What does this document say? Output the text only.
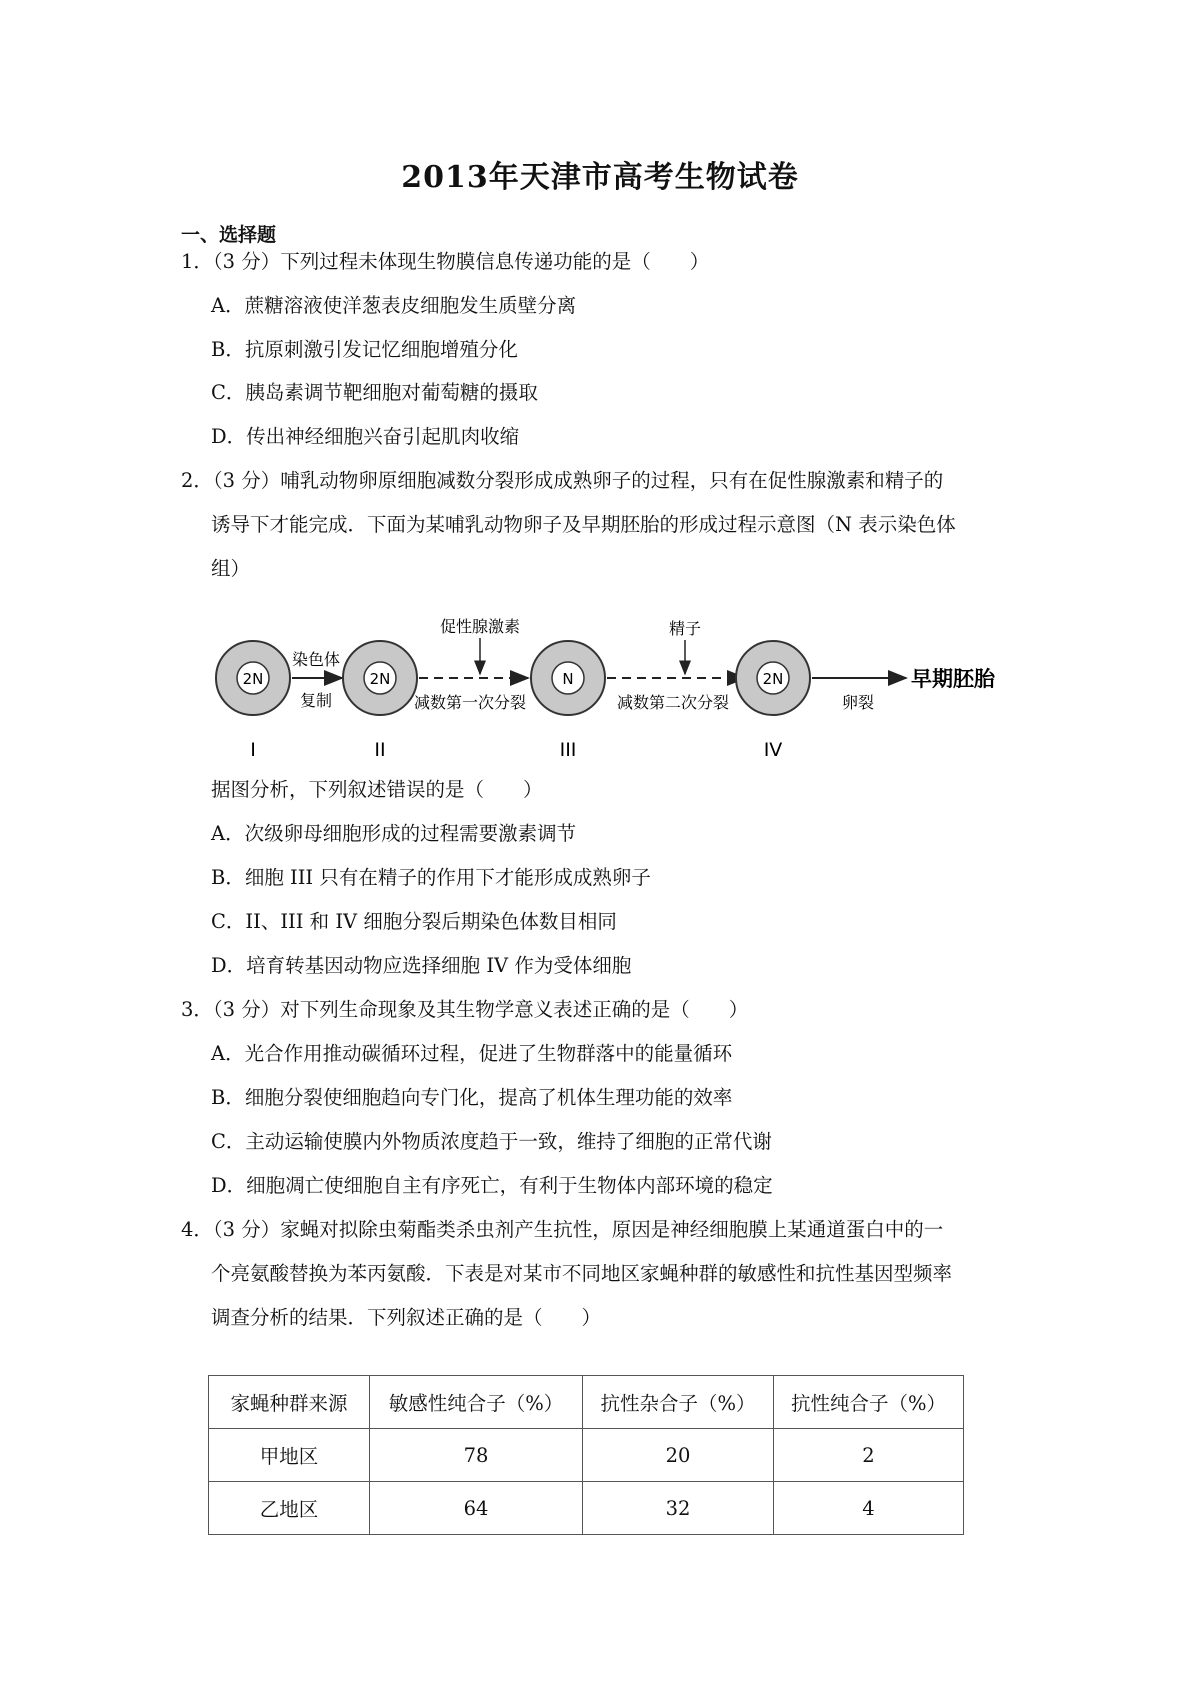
2013年天津市高考生物试卷
一、选择题
1．（3 分）下列过程未体现生物膜信息传递功能的是（　　）
A．蔗糖溶液使洋葱表皮细胞发生质壁分离
B．抗原刺激引发记忆细胞增殖分化
C．胰岛素调节靶细胞对葡萄糖的摄取
D．传出神经细胞兴奋引起肌肉收缩
2．（3 分）哺乳动物卵原细胞减数分裂形成成熟卵子的过程，只有在促性腺激素和精子的
诱导下才能完成．下面为某哺乳动物卵子及早期胚胎的形成过程示意图（N 表示染色体
组）
2N
I
染色体
复制
2N
II
促性腺激素
减数第一次分裂
N
III
精子
减数第二次分裂
2N
IV
卵裂
早期胚胎
据图分析，下列叙述错误的是（　　）
A．次级卵母细胞形成的过程需要激素调节
B．细胞 III 只有在精子的作用下才能形成成熟卵子
C．II、III 和 IV 细胞分裂后期染色体数目相同
D．培育转基因动物应选择细胞 IV 作为受体细胞
3．（3 分）对下列生命现象及其生物学意义表述正确的是（　　）
A．光合作用推动碳循环过程，促进了生物群落中的能量循环
B．细胞分裂使细胞趋向专门化，提高了机体生理功能的效率
C．主动运输使膜内外物质浓度趋于一致，维持了细胞的正常代谢
D．细胞凋亡使细胞自主有序死亡，有利于生物体内部环境的稳定
4．（3 分）家蝇对拟除虫菊酯类杀虫剂产生抗性，原因是神经细胞膜上某通道蛋白中的一
个亮氨酸替换为苯丙氨酸．下表是对某市不同地区家蝇种群的敏感性和抗性基因型频率
调查分析的结果．下列叙述正确的是（　　）
家蝇种群来源	敏感性纯合子（%）	抗性杂合子（%）	抗性纯合子（%）
甲地区	78	20	2
乙地区	64	32	4
